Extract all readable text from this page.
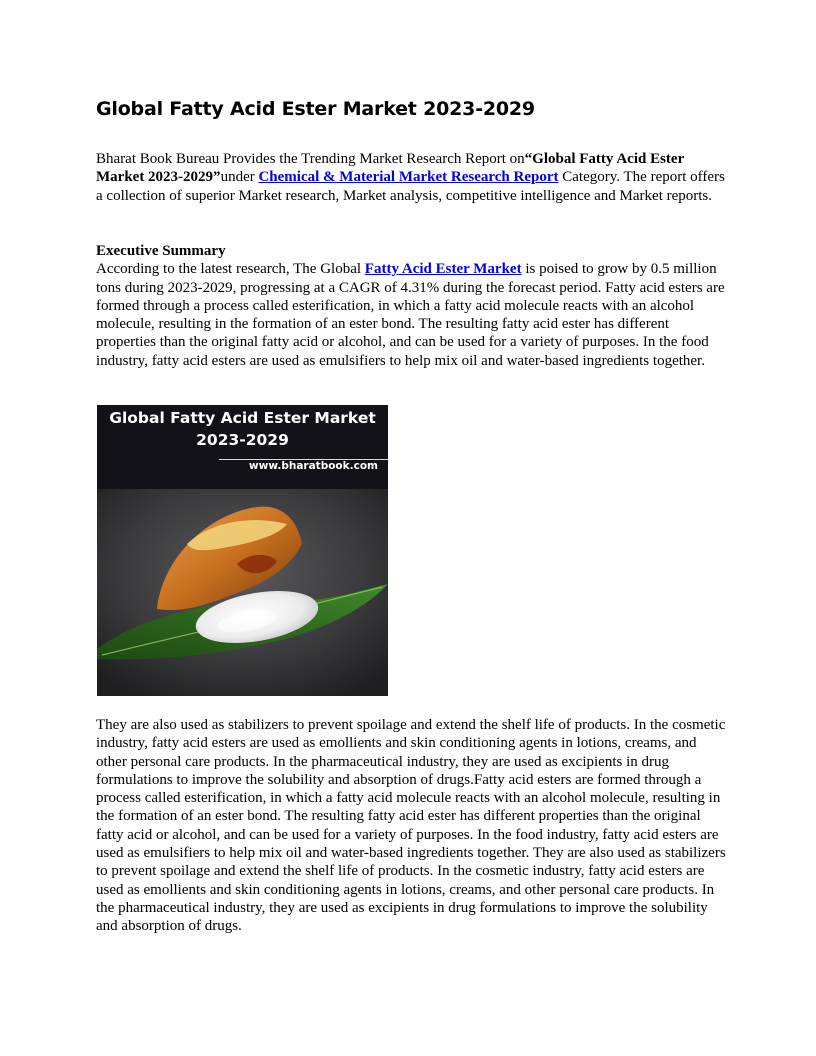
Global Fatty Acid Ester Market 2023-2029

Bharat Book Bureau Provides the Trending Market Research Report on“Global Fatty Acid Ester Market 2023-2029”under Chemical & Material Market Research Report Category. The report offers a collection of superior Market research, Market analysis, competitive intelligence and Market reports.

Executive Summary
According to the latest research, The Global Fatty Acid Ester Market is poised to grow by 0.5 million tons during 2023-2029, progressing at a CAGR of 4.31% during the forecast period. Fatty acid esters are formed through a process called esterification, in which a fatty acid molecule reacts with an alcohol molecule, resulting in the formation of an ester bond. The resulting fatty acid ester has different properties than the original fatty acid or alcohol, and can be used for a variety of purposes. In the food industry, fatty acid esters are used as emulsifiers to help mix oil and water-based ingredients together.

Global Fatty Acid Ester Market
2023-2029
www.bharatbook.com

They are also used as stabilizers to prevent spoilage and extend the shelf life of products. In the cosmetic industry, fatty acid esters are used as emollients and skin conditioning agents in lotions, creams, and other personal care products. In the pharmaceutical industry, they are used as excipients in drug formulations to improve the solubility and absorption of drugs.Fatty acid esters are formed through a process called esterification, in which a fatty acid molecule reacts with an alcohol molecule, resulting in the formation of an ester bond. The resulting fatty acid ester has different properties than the original fatty acid or alcohol, and can be used for a variety of purposes. In the food industry, fatty acid esters are used as emulsifiers to help mix oil and water-based ingredients together. They are also used as stabilizers to prevent spoilage and extend the shelf life of products. In the cosmetic industry, fatty acid esters are used as emollients and skin conditioning agents in lotions, creams, and other personal care products. In the pharmaceutical industry, they are used as excipients in drug formulations to improve the solubility and absorption of drugs.
